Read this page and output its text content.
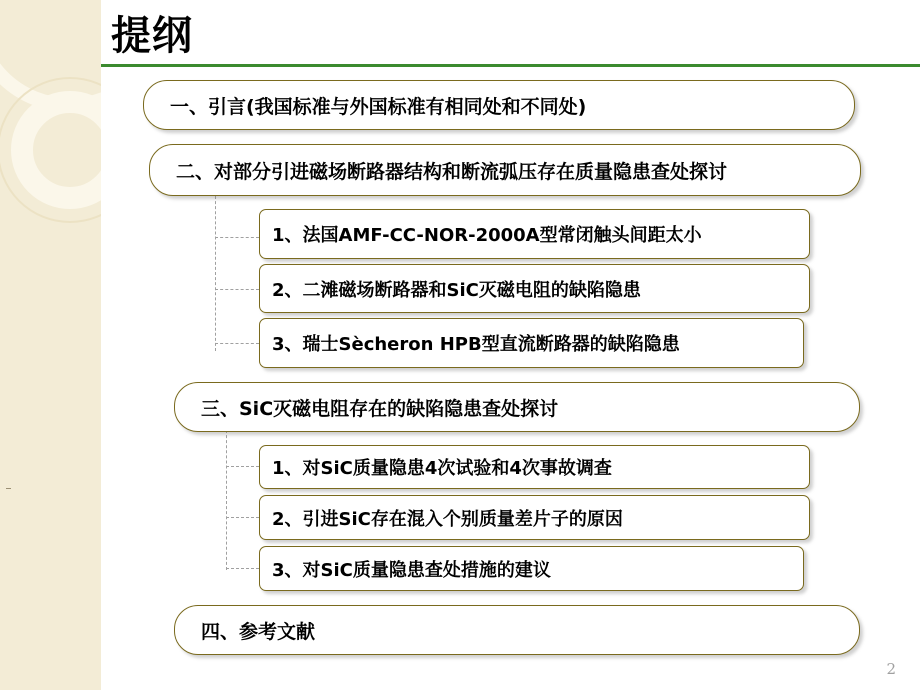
提纲
一、引言(我国标准与外国标准有相同处和不同处)
二、对部分引进磁场断路器结构和断流弧压存在质量隐患查处探讨
1、法国AMF-CC-NOR-2000A型常闭触头间距太小
2、二滩磁场断路器和SiC灭磁电阻的缺陷隐患
3、瑞士Sѐcheron HPB型直流断路器的缺陷隐患
三、SiC灭磁电阻存在的缺陷隐患查处探讨
1、对SiC质量隐患4次试验和4次事故调查
2、引进SiC存在混入个别质量差片子的原因
3、对SiC质量隐患查处措施的建议
四、参考文献
2
